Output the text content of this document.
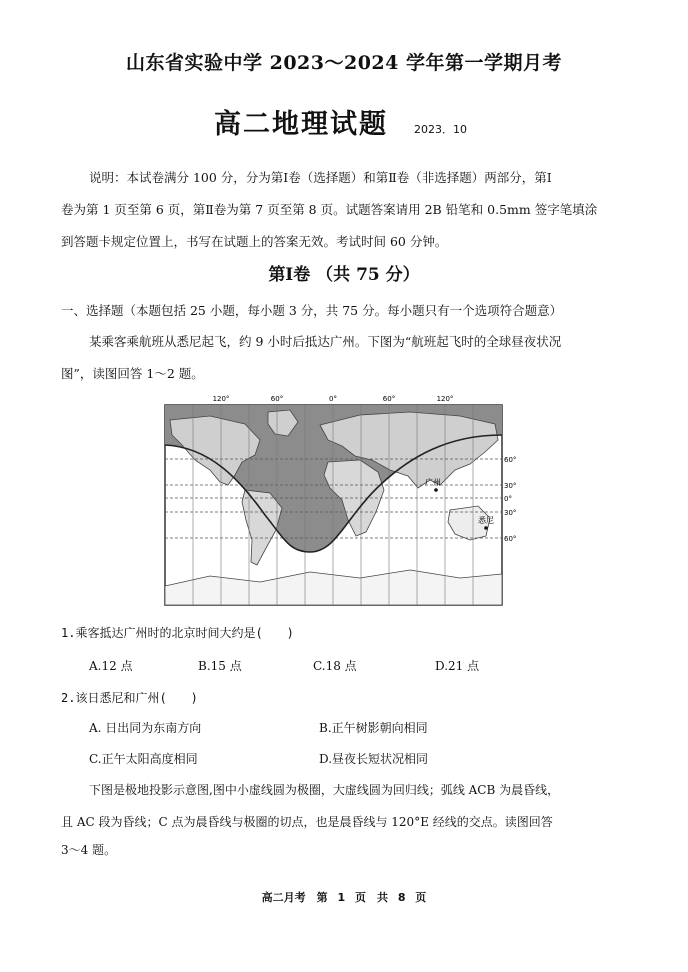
山东省实验中学 2023～2024 学年第一学期月考
高二地理试题 2023．10
说明：本试卷满分 100 分，分为第Ⅰ卷（选择题）和第Ⅱ卷（非选择题）两部分，第Ⅰ
卷为第 1 页至第 6 页，第Ⅱ卷为第 7 页至第 8 页。试题答案请用 2B 铅笔和 0.5mm 签字笔填涂
到答题卡规定位置上，书写在试题上的答案无效。考试时间 60 分钟。
第Ⅰ卷 （共 75 分）
一、选择题（本题包括 25 小题，每小题 3 分，共 75 分。每小题只有一个选项符合题意）
某乘客乘航班从悉尼起飞，约 9 小时后抵达广州。下图为“航班起飞时的全球昼夜状况
图”，读图回答 1～2 题。
120°	60°	0°	60°	120°
60°
30°
0°
30°
60°
广州
悉尼
1.乘客抵达广州时的北京时间大约是(　　)
A.12 点	B.15 点	C.18 点	D.21 点
2.该日悉尼和广州(　　)
A. 日出同为东南方向	B.正午树影朝向相同
C.正午太阳高度相同	D.昼夜长短状况相同
下图是极地投影示意图,图中小虚线圆为极圈，大虚线圆为回归线；弧线 ACB 为晨昏线，
且 AC 段为昏线；C 点为晨昏线与极圈的切点，也是晨昏线与 120°E 经线的交点。读图回答
3～4 题。
高二月考　第 1 页　共 8 页
